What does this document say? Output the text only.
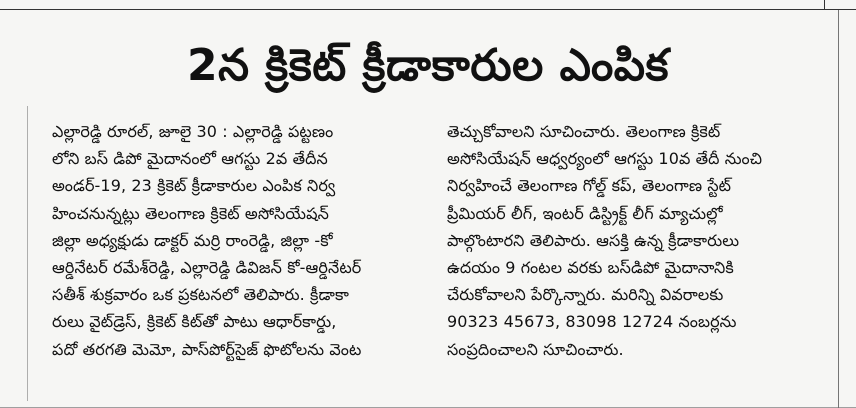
2న క్రికెట్ క్రీడాకారుల ఎంపిక
ఎల్లారెడ్డి రూరల్, జూలై 30 : ఎల్లారెడ్డి పట్టణం
లోని బస్ డిపో మైదానంలో ఆగస్టు 2వ తేదీన
అండర్-19, 23 క్రికెట్ క్రీడాకారుల ఎంపిక నిర్వ
హించనున్నట్లు తెలంగాణ క్రికెట్ అసోసియేషన్
జిల్లా అధ్యక్షుడు డాక్టర్ మర్రి రాంరెడ్డి, జిల్లా -కో
ఆర్డినేటర్ రమేశ్‌రెడ్డి, ఎల్లారెడ్డి డివిజన్ కో-ఆర్డినేటర్
సతీశ్ శుక్రవారం ఒక ప్రకటనలో తెలిపారు. క్రీడాకా
రులు వైట్‌డ్రెస్, క్రికెట్ కిట్‌తో పాటు ఆధార్‌కార్డు,
పదో తరగతి మెమో, పాస్‌పోర్ట్‌సైజ్ ఫొటోలను వెంట
తెచ్చుకోవాలని సూచించారు. తెలంగాణ క్రికెట్
అసోసియేషన్ ఆధ్వర్యంలో ఆగస్టు 10వ తేదీ నుంచి
నిర్వహించే తెలంగాణ గోల్డ్ కప్, తెలంగాణ స్టేట్
ప్రీమియర్ లీగ్, ఇంటర్ డిస్ట్రిక్ట్ లీగ్ మ్యాచుల్లో
పాల్గొంటారని తెలిపారు. ఆసక్తి ఉన్న క్రీడాకారులు
ఉదయం 9 గంటల వరకు బస్‌డిపో మైదానానికి
చేరుకోవాలని పేర్కొన్నారు. మరిన్ని వివరాలకు
90323 45673, 83098 12724 నంబర్లను
సంప్రదించాలని సూచించారు.
